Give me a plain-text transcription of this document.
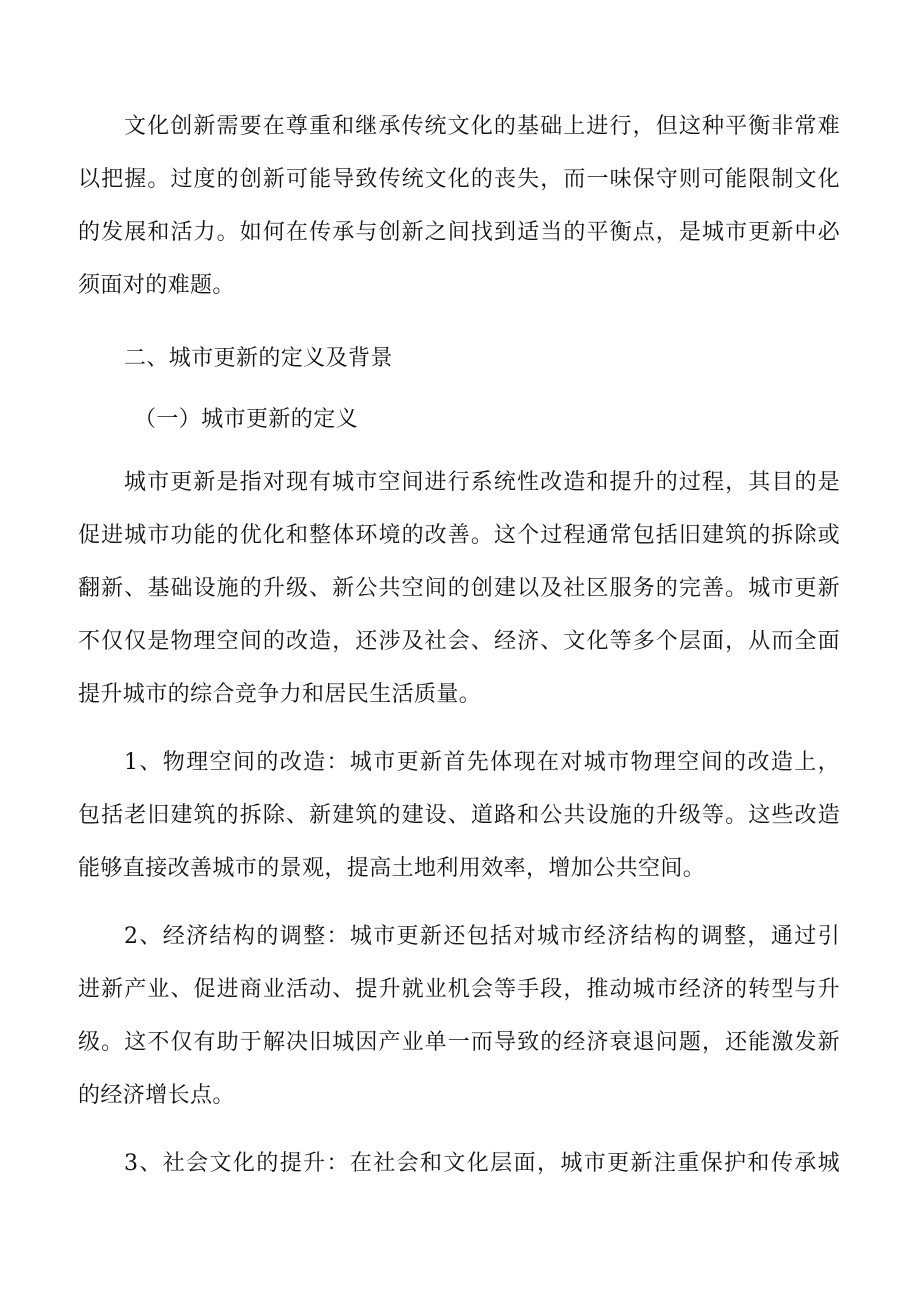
文化创新需要在尊重和继承传统文化的基础上进行，但这种平衡非常难
以把握。过度的创新可能导致传统文化的丧失，而一味保守则可能限制文化
的发展和活力。如何在传承与创新之间找到适当的平衡点，是城市更新中必
须面对的难题。
二、城市更新的定义及背景
（一）城市更新的定义
城市更新是指对现有城市空间进行系统性改造和提升的过程，其目的是
促进城市功能的优化和整体环境的改善。这个过程通常包括旧建筑的拆除或
翻新、基础设施的升级、新公共空间的创建以及社区服务的完善。城市更新
不仅仅是物理空间的改造，还涉及社会、经济、文化等多个层面，从而全面
提升城市的综合竞争力和居民生活质量。
1、物理空间的改造：城市更新首先体现在对城市物理空间的改造上，
包括老旧建筑的拆除、新建筑的建设、道路和公共设施的升级等。这些改造
能够直接改善城市的景观，提高土地利用效率，增加公共空间。
2、经济结构的调整：城市更新还包括对城市经济结构的调整，通过引
进新产业、促进商业活动、提升就业机会等手段，推动城市经济的转型与升
级。这不仅有助于解决旧城因产业单一而导致的经济衰退问题，还能激发新
的经济增长点。
3、社会文化的提升：在社会和文化层面，城市更新注重保护和传承城
